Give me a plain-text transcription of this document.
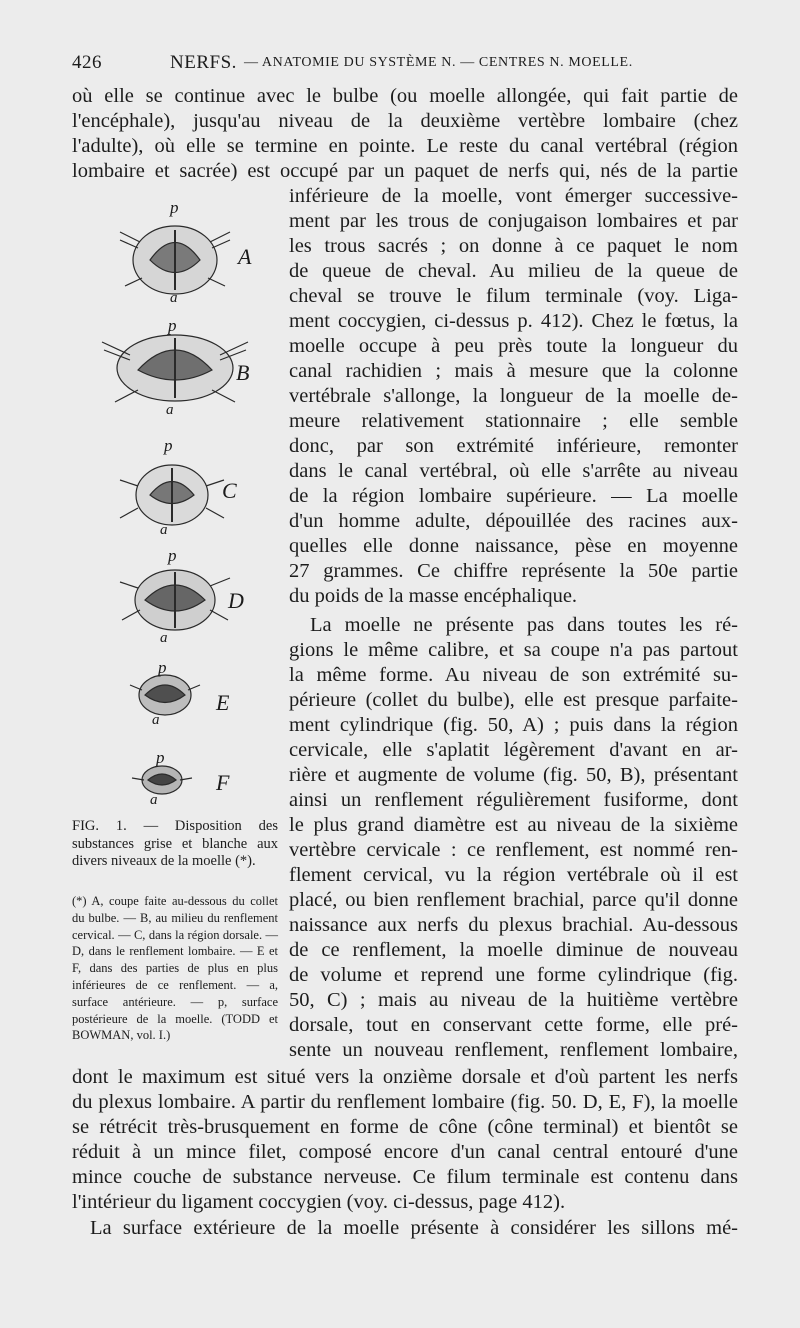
426	NERFS. — ANATOMIE DU SYSTÈME N. — CENTRES N. MOELLE.
où elle se continue avec le bulbe (ou moelle allongée, qui fait partie de
l'encéphale), jusqu'au niveau de la deuxième vertèbre lombaire (chez
l'adulte), où elle se termine en pointe. Le reste du canal vertébral (région
lombaire et sacrée) est occupé par un paquet de nerfs qui, nés de la partie
inférieure de la moelle, vont émerger successive-
ment par les trous de conjugaison lombaires et par
les trous sacrés ; on donne à ce paquet le nom
de queue de cheval. Au milieu de la queue de
cheval se trouve le filum terminale (voy. Liga-
ment coccygien, ci-dessus p. 412). Chez le fœtus, la
moelle occupe à peu près toute la longueur du
canal rachidien ; mais à mesure que la colonne
vertébrale s'allonge, la longueur de la moelle de-
meure relativement stationnaire ; elle semble
donc, par son extrémité inférieure, remonter
dans le canal vertébral, où elle s'arrête au niveau
de la région lombaire supérieure. — La moelle
d'un homme adulte, dépouillée des racines aux-
quelles elle donne naissance, pèse en moyenne
27 grammes. Ce chiffre représente la 50e partie
du poids de la masse encéphalique.
La moelle ne présente pas dans toutes les ré-
gions le même calibre, et sa coupe n'a pas partout
la même forme. Au niveau de son extrémité su-
périeure (collet du bulbe), elle est presque parfaite-
ment cylindrique (fig. 50, A) ; puis dans la région
cervicale, elle s'aplatit légèrement d'avant en ar-
rière et augmente de volume (fig. 50, B), présentant
ainsi un renflement régulièrement fusiforme, dont
le plus grand diamètre est au niveau de la sixième
vertèbre cervicale : ce renflement, est nommé ren-
flement cervical, vu la région vertébrale où il est
placé, ou bien renflement brachial, parce qu'il donne
naissance aux nerfs du plexus brachial. Au-dessous
de ce renflement, la moelle diminue de nouveau
de volume et reprend une forme cylindrique (fig.
50, C) ; mais au niveau de la huitième vertèbre
dorsale, tout en conservant cette forme, elle pré-
sente un nouveau renflement, renflement lombaire,
dont le maximum est situé vers la onzième dorsale et d'où partent les nerfs
du plexus lombaire. A partir du renflement lombaire (fig. 50. D, E, F), la moelle
se rétrécit très-brusquement en forme de cône (cône terminal) et bientôt se
réduit à un mince filet, composé encore d'un canal central entouré d'une
mince couche de substance nerveuse. Ce filum terminale est contenu dans
l'intérieur du ligament coccygien (voy. ci-dessus, page 412).
La surface extérieure de la moelle présente à considérer les sillons mé-
A
B
C
D
E
F
p
p
p
p
p
p
a
a
a
a
a
a
FIG. 1. — Disposition des substances grise et blanche aux divers niveaux de la moelle (*).
(*) A, coupe faite au-dessous du collet du bulbe. — B, au milieu du renflement cervical. — C, dans la région dorsale. — D, dans le renflement lombaire. — E et F, dans des parties de plus en plus inférieures de ce renflement. — a, surface antérieure. — p, surface postérieure de la moelle. (TODD et BOWMAN, vol. I.)
